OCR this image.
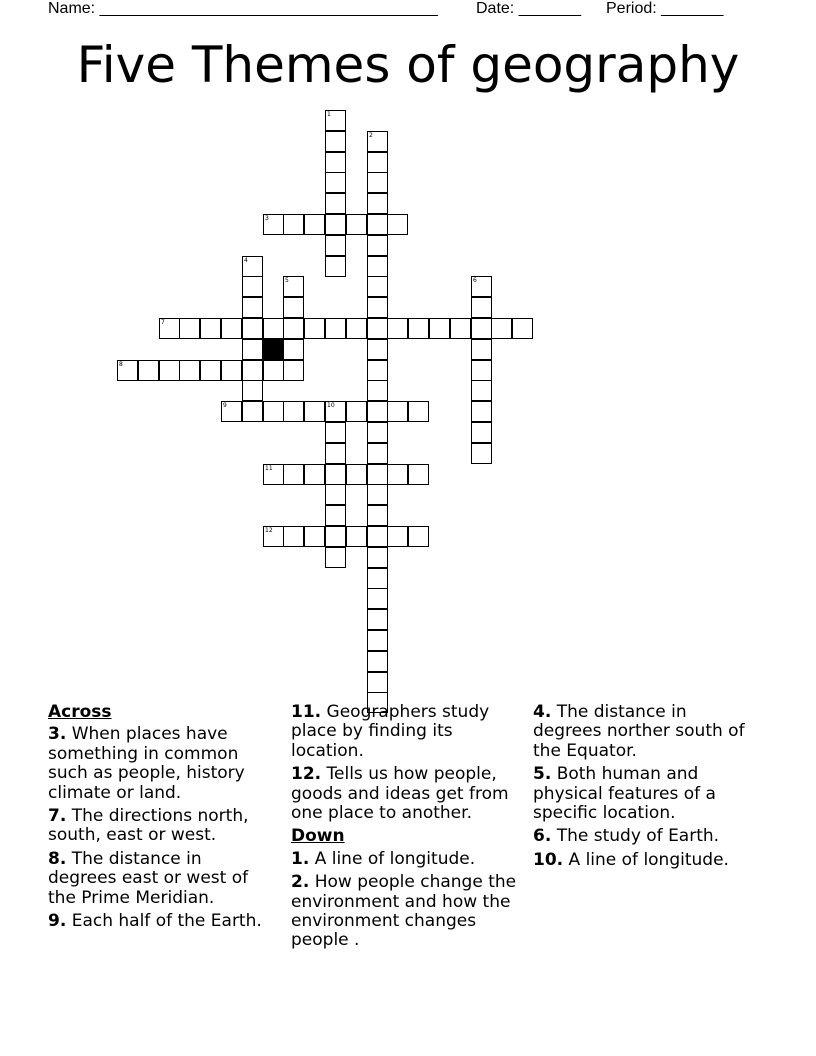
Name: ______________________________________ Date: _______ Period: _______
Five Themes of geography
1
2
3
4
5	6
7
8
9	10
11
12
Across
3. When places have something in common such as people, history climate or land.
7. The directions north, south, east or west.
8. The distance in degrees east or west of the Prime Meridian.
9. Each half of the Earth.
11. Geographers study place by finding its location.
12. Tells us how people, goods and ideas get from one place to another.
Down
1. A line of longitude.
2. How people change the environment and how the environment changes people .
4. The distance in degrees norther south of the Equator.
5. Both human and physical features of a specific location.
6. The study of Earth.
10. A line of longitude.
